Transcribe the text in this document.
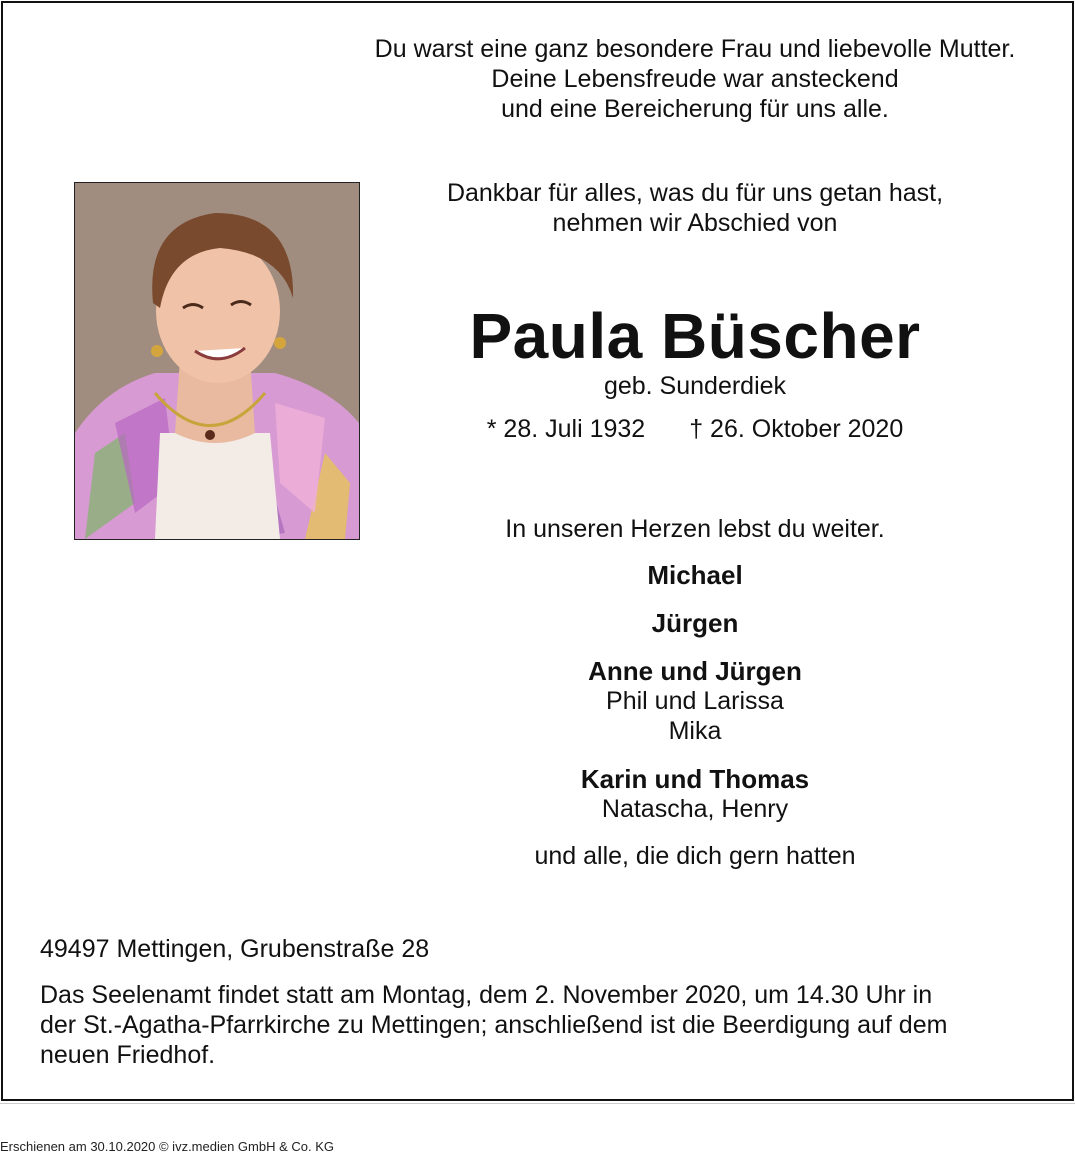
Du warst eine ganz besondere Frau und liebevolle Mutter.
Deine Lebensfreude war ansteckend
und eine Bereicherung für uns alle.
Dankbar für alles, was du für uns getan hast,
nehmen wir Abschied von
Paula Büscher
geb. Sunderdiek
* 28. Juli 1932 † 26. Oktober 2020
In unseren Herzen lebst du weiter.
Michael
Jürgen
Anne und Jürgen
Phil und Larissa
Mika
Karin und Thomas
Natascha, Henry
und alle, die dich gern hatten
49497 Mettingen, Grubenstraße 28
Das Seelenamt findet statt am Montag, dem 2. November 2020, um 14.30 Uhr in
der St.-Agatha-Pfarrkirche zu Mettingen; anschließend ist die Beerdigung auf dem
neuen Friedhof.
Erschienen am 30.10.2020 © ivz.medien GmbH & Co. KG
